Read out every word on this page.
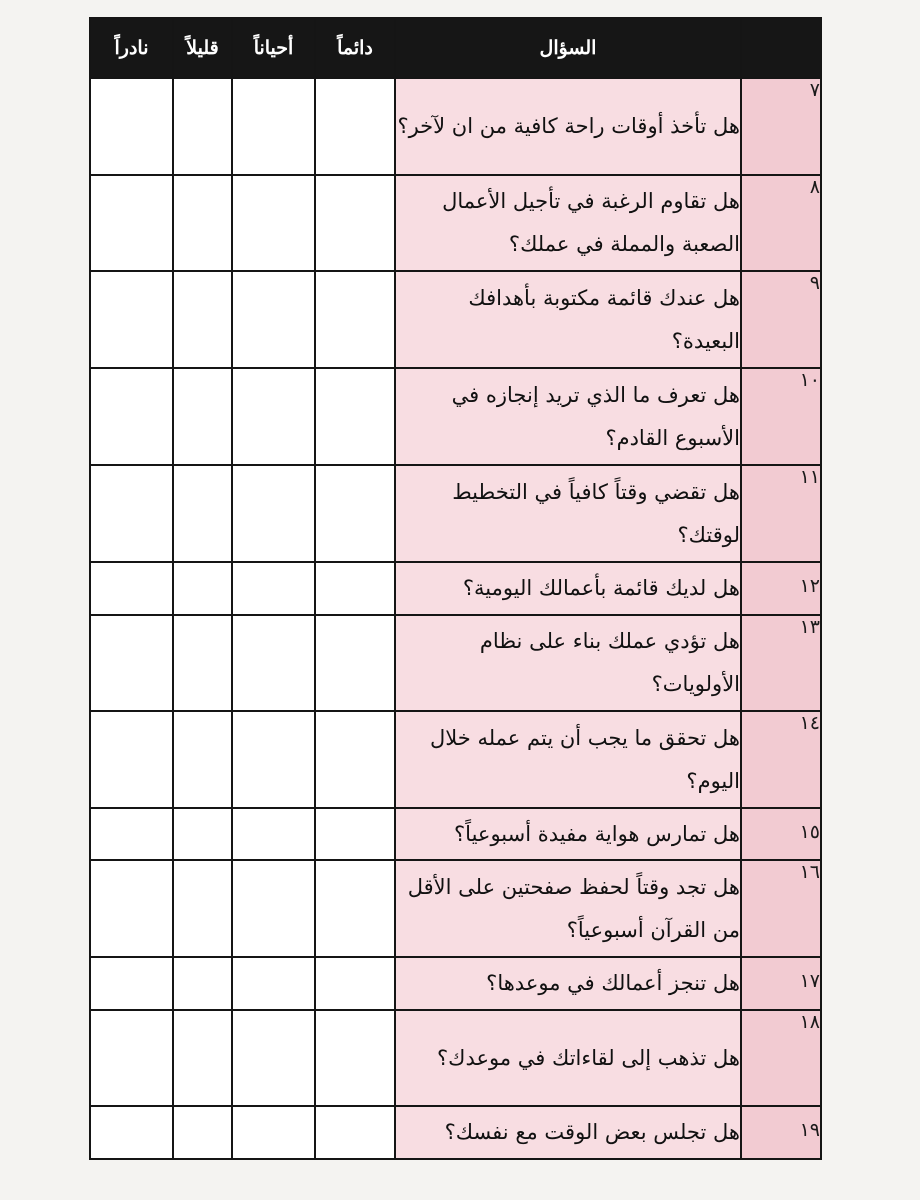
	السؤال	دائماً	أحياناً	قليلاً	نادراً
٧	هل تأخذ أوقات راحة كافية من ان لآخر؟				
٨	هل تقاوم الرغبة في تأجيل الأعمال الصعبة والمملة في عملك؟				
٩	هل عندك قائمة مكتوبة بأهدافك البعيدة؟				
١٠	هل تعرف ما الذي تريد إنجازه في الأسبوع القادم؟				
١١	هل تقضي وقتاً كافياً في التخطيط لوقتك؟				
١٢	هل لديك قائمة بأعمالك اليومية؟				
١٣	هل تؤدي عملك بناء على نظام الأولويات؟				
١٤	هل تحقق ما يجب أن يتم عمله خلال اليوم؟				
١٥	هل تمارس هواية مفيدة أسبوعياً؟				
١٦	هل تجد وقتاً لحفظ صفحتين على الأقل من القرآن أسبوعياً؟				
١٧	هل تنجز أعمالك في موعدها؟				
١٨	هل تذهب إلى لقاءاتك في موعدك؟				
١٩	هل تجلس بعض الوقت مع نفسك؟				
